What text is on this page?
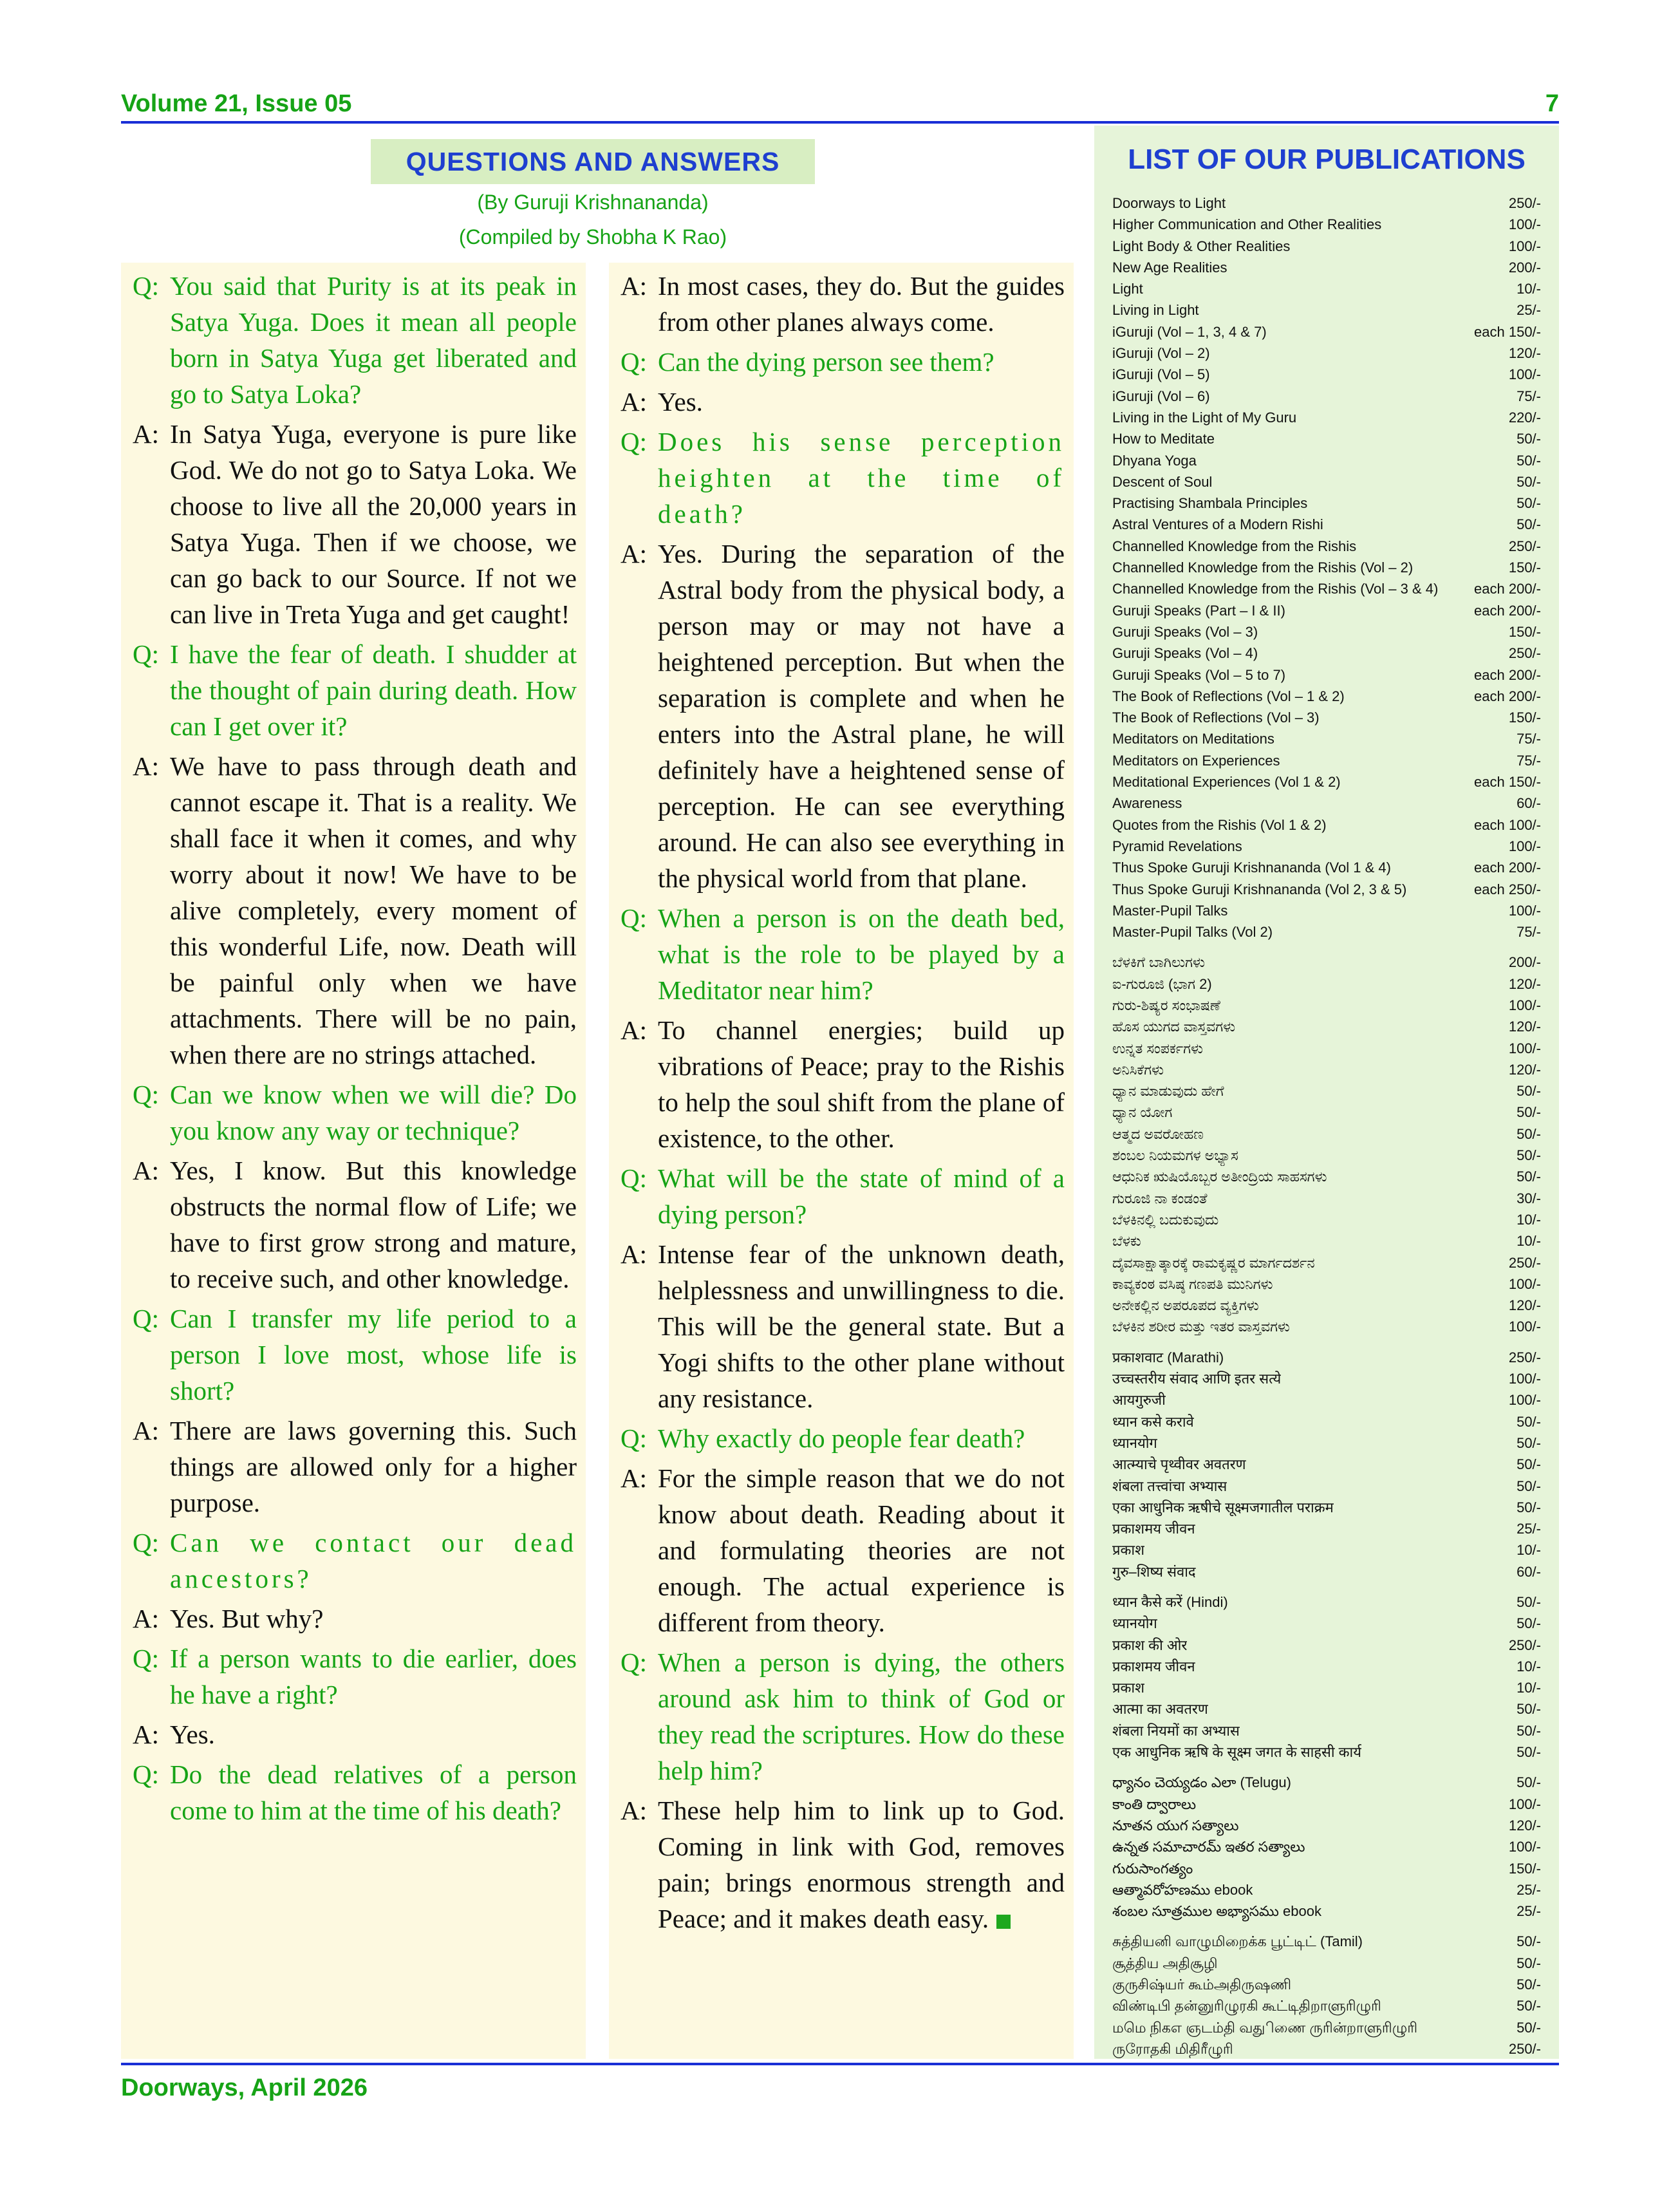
Volume 21, Issue 05	7
QUESTIONS AND ANSWERS
(By Guruji Krishnananda)
(Compiled by Shobha K Rao)
Q: You said that Purity is at its peak in Satya Yuga. Does it mean all people born in Satya Yuga get liberated and go to Satya Loka?
A: In Satya Yuga, everyone is pure like God. We do not go to Satya Loka. We choose to live all the 20,000 years in Satya Yuga. Then if we choose, we can go back to our Source. If not we can live in Treta Yuga and get caught!
Q: I have the fear of death. I shudder at the thought of pain during death. How can I get over it?
A: We have to pass through death and cannot escape it. That is a reality. We shall face it when it comes, and why worry about it now! We have to be alive completely, every moment of this wonderful Life, now. Death will be painful only when we have attachments. There will be no pain, when there are no strings attached.
Q: Can we know when we will die? Do you know any way or technique?
A: Yes, I know. But this knowledge obstructs the normal flow of Life; we have to first grow strong and mature, to receive such, and other knowledge.
Q: Can I transfer my life period to a person I love most, whose life is short?
A: There are laws governing this. Such things are allowed only for a higher purpose.
Q: Can we contact our dead ancestors?
A: Yes. But why?
Q: If a person wants to die earlier, does he have a right?
A: Yes.
Q: Do the dead relatives of a person come to him at the time of his death?
A: In most cases, they do. But the guides from other planes always come.
Q: Can the dying person see them?
A: Yes.
Q: Does his sense perception heighten at the time of death?
A: Yes. During the separation of the Astral body from the physical body, a person may or may not have a heightened perception. But when the separation is complete and when he enters into the Astral plane, he will definitely have a heightened sense of perception. He can see everything around. He can also see everything in the physical world from that plane.
Q: When a person is on the death bed, what is the role to be played by a Meditator near him?
A: To channel energies; build up vibrations of Peace; pray to the Rishis to help the soul shift from the plane of existence, to the other.
Q: What will be the state of mind of a dying person?
A: Intense fear of the unknown death, helplessness and unwillingness to die. This will be the general state. But a Yogi shifts to the other plane without any resistance.
Q: Why exactly do people fear death?
A: For the simple reason that we do not know about death. Reading about it and formulating theories are not enough. The actual experience is different from theory.
Q: When a person is dying, the others around ask him to think of God or they read the scriptures. How do these help him?
A: These help him to link up to God. Coming in link with God, removes pain; brings enormous strength and Peace; and it makes death easy.
LIST OF OUR PUBLICATIONS
Doorways to Light	250/-
Higher Communication and Other Realities	100/-
Light Body & Other Realities	100/-
New Age Realities	200/-
Light	10/-
Living in Light	25/-
iGuruji (Vol – 1, 3, 4 & 7)	each 150/-
iGuruji (Vol – 2)	120/-
iGuruji (Vol – 5)	100/-
iGuruji (Vol – 6)	75/-
Living in the Light of My Guru	220/-
How to Meditate	50/-
Dhyana Yoga	50/-
Descent of Soul	50/-
Practising Shambala Principles	50/-
Astral Ventures of a Modern Rishi	50/-
Channelled Knowledge from the Rishis	250/-
Channelled Knowledge from the Rishis (Vol – 2)	150/-
Channelled Knowledge from the Rishis (Vol – 3 & 4)	each 200/-
Guruji Speaks (Part – I & II)	each 200/-
Guruji Speaks (Vol – 3)	150/-
Guruji Speaks (Vol – 4)	250/-
Guruji Speaks (Vol – 5 to 7)	each 200/-
The Book of Reflections (Vol – 1 & 2)	each 200/-
The Book of Reflections (Vol – 3)	150/-
Meditators on Meditations	75/-
Meditators on Experiences	75/-
Meditational Experiences (Vol 1 & 2)	each 150/-
Awareness	60/-
Quotes from the Rishis (Vol 1 & 2)	each 100/-
Pyramid Revelations	100/-
Thus Spoke Guruji Krishnananda (Vol 1 & 4)	each 200/-
Thus Spoke Guruji Krishnananda (Vol 2, 3 & 5)	each 250/-
Master-Pupil Talks	100/-
Master-Pupil Talks (Vol 2)	75/-
ಬೆಳಕಿಗೆ ಬಾಗಿಲುಗಳು	200/-
ಐ-ಗುರೂಜಿ (ಭಾಗ 2)	120/-
ಗುರು-ಶಿಷ್ಯರ ಸಂಭಾಷಣೆ	100/-
ಹೊಸ ಯುಗದ ವಾಸ್ತವಗಳು	120/-
ಉನ್ನತ ಸಂಪರ್ಕಗಳು	100/-
ಅನಿಸಿಕೆಗಳು	120/-
ಧ್ಯಾನ ಮಾಡುವುದು ಹೇಗೆ	50/-
ಧ್ಯಾನ ಯೋಗ	50/-
ಆತ್ಮದ ಅವರೋಹಣ	50/-
ಶಂಬಲ ನಿಯಮಗಳ ಅಭ್ಯಾಸ	50/-
ಆಧುನಿಕ ಋಷಿಯೊಬ್ಬರ ಅತೀಂದ್ರಿಯ ಸಾಹಸಗಳು	50/-
ಗುರೂಜಿ ನಾ ಕಂಡಂತೆ	30/-
ಬೆಳಕಿನಲ್ಲಿ ಬದುಕುವುದು	10/-
ಬೆಳಕು	10/-
ದೈವಸಾಕ್ಷಾತ್ಕಾರಕ್ಕೆ ರಾಮಕೃಷ್ಣರ ಮಾರ್ಗದರ್ಶನ	250/-
ಕಾವ್ಯಕಂಠ ವಸಿಷ್ಠ ಗಣಪತಿ ಮುನಿಗಳು	100/-
ಅನೇಕಲ್ಲಿನ ಅಪರೂಪದ ವ್ಯಕ್ತಿಗಳು	120/-
ಬೆಳಕಿನ ಶರೀರ ಮತ್ತು ಇತರ ವಾಸ್ತವಗಳು	100/-
प्रकाशवाट (Marathi)	250/-
उच्चस्तरीय संवाद आणि इतर सत्ये	100/-
आयगुरुजी	100/-
ध्यान कसे करावे	50/-
ध्यानयोग	50/-
आत्म्याचे पृथ्वीवर अवतरण	50/-
शंबला तत्त्वांचा अभ्यास	50/-
एका आधुनिक ऋषीचे सूक्ष्मजगातील पराक्रम	50/-
प्रकाशमय जीवन	25/-
प्रकाश	10/-
गुरु–शिष्य संवाद	60/-
ध्यान कैसे करें (Hindi)	50/-
ध्यानयोग	50/-
प्रकाश की ओर	250/-
प्रकाशमय जीवन	10/-
प्रकाश	10/-
आत्मा का अवतरण	50/-
शंबला नियमों का अभ्यास	50/-
एक आधुनिक ऋषि के सूक्ष्म जगत के साहसी कार्य	50/-
ధ్యానం చెయ్యడం ఎలా (Telugu)	50/-
కాంతి ద్వారాలు	100/-
నూతన యుగ సత్యాలు	120/-
ఉన్నత సమాచారమ్ ఇతర సత్యాలు	100/-
గురుసాంగత్యం	150/-
ఆత్మావరోహణము ebook	25/-
శంబల సూత్రముల అభ్యాసము ebook	25/-
சுத்தியனி வாழுமிறைக்க பூட்டிட் (Tamil)	50/-
சூத்திய அதிசூழி	50/-
குருசிஷ்யர் கூம்அதிருஷணி	50/-
விண்டிபி தன்னுரிழுரகி கூட்டிதிறாளுரிழுரி	50/-
மமெ நிகஎ ஞடம்தி வதுிணை ருரின்றாளுரிழுரி	50/-
ருரோதகி மிதிரீழுரி	250/-
Doorways, April 2026
